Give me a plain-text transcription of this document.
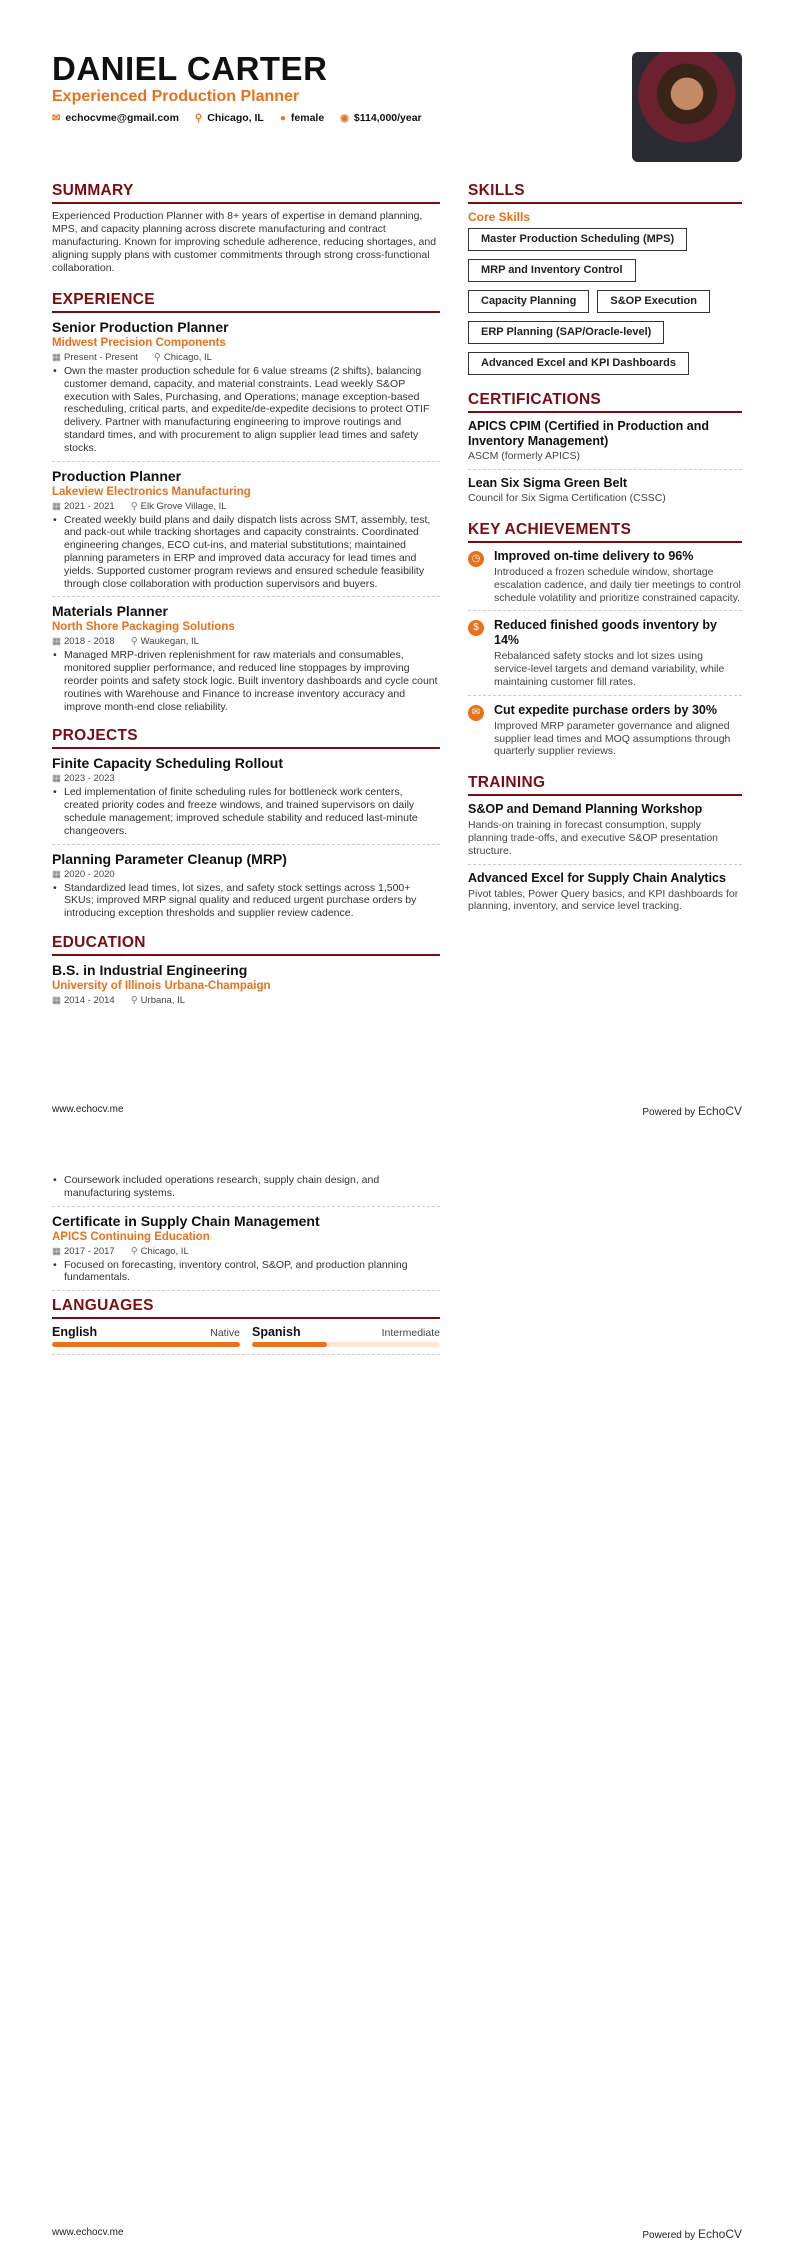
DANIEL CARTER
Experienced Production Planner
✉ echocvme@gmail.com ⚲ Chicago, IL ● female ◉ $114,000/year
SUMMARY
Experienced Production Planner with 8+ years of expertise in demand planning, MPS, and capacity planning across discrete manufacturing and contract manufacturing. Known for improving schedule adherence, reducing shortages, and aligning supply plans with customer commitments through strong cross-functional collaboration.
EXPERIENCE
Senior Production Planner
Midwest Precision Components
▦ Present - Present ⚲ Chicago, IL
• Own the master production schedule for 6 value streams (2 shifts), balancing customer demand, capacity, and material constraints. Lead weekly S&OP execution with Sales, Purchasing, and Operations; manage exception-based rescheduling, critical parts, and expedite/de-expedite decisions to protect OTIF delivery. Partner with manufacturing engineering to improve routings and standard times, and with procurement to align supplier lead times and safety stocks.
Production Planner
Lakeview Electronics Manufacturing
▦ 2021 - 2021 ⚲ Elk Grove Village, IL
• Created weekly build plans and daily dispatch lists across SMT, assembly, test, and pack-out while tracking shortages and capacity constraints. Coordinated engineering changes, ECO cut-ins, and material substitutions; maintained planning parameters in ERP and improved data accuracy for lead times and yields. Supported customer program reviews and ensured schedule feasibility through close collaboration with production supervisors and buyers.
Materials Planner
North Shore Packaging Solutions
▦ 2018 - 2018 ⚲ Waukegan, IL
• Managed MRP-driven replenishment for raw materials and consumables, monitored supplier performance, and reduced line stoppages by improving reorder points and safety stock logic. Built inventory dashboards and cycle count routines with Warehouse and Finance to increase inventory accuracy and improve month-end close reliability.
PROJECTS
Finite Capacity Scheduling Rollout
▦ 2023 - 2023
• Led implementation of finite scheduling rules for bottleneck work centers, created priority codes and freeze windows, and trained supervisors on daily schedule management; improved schedule stability and reduced last-minute changeovers.
Planning Parameter Cleanup (MRP)
▦ 2020 - 2020
• Standardized lead times, lot sizes, and safety stock settings across 1,500+ SKUs; improved MRP signal quality and reduced urgent purchase orders by introducing exception thresholds and supplier review cadence.
EDUCATION
B.S. in Industrial Engineering
University of Illinois Urbana-Champaign
▦ 2014 - 2014 ⚲ Urbana, IL
SKILLS
Core Skills
Master Production Scheduling (MPS)
MRP and Inventory Control
Capacity Planning	S&OP Execution
ERP Planning (SAP/Oracle-level)
Advanced Excel and KPI Dashboards
CERTIFICATIONS
APICS CPIM (Certified in Production and Inventory Management)
ASCM (formerly APICS)
Lean Six Sigma Green Belt
Council for Six Sigma Certification (CSSC)
KEY ACHIEVEMENTS
◷ Improved on-time delivery to 96%
Introduced a frozen schedule window, shortage escalation cadence, and daily tier meetings to control schedule volatility and prioritize constrained capacity.
$	Reduced finished goods inventory by 14%
Rebalanced safety stocks and lot sizes using service-level targets and demand variability, while maintaining customer fill rates.
✉	Cut expedite purchase orders by 30%
Improved MRP parameter governance and aligned supplier lead times and MOQ assumptions through quarterly supplier reviews.
TRAINING
S&OP and Demand Planning Workshop
Hands-on training in forecast consumption, supply planning trade-offs, and executive S&OP presentation structure.
Advanced Excel for Supply Chain Analytics
Pivot tables, Power Query basics, and KPI dashboards for planning, inventory, and service level tracking.
www.echocv.me	Powered by EchoCV
• Coursework included operations research, supply chain design, and manufacturing systems.
Certificate in Supply Chain Management
APICS Continuing Education
▦ 2017 - 2017 ⚲ Chicago, IL
• Focused on forecasting, inventory control, S&OP, and production planning fundamentals.
LANGUAGES
English	Native Spanish	Intermediate
www.echocv.me	Powered by EchoCV
